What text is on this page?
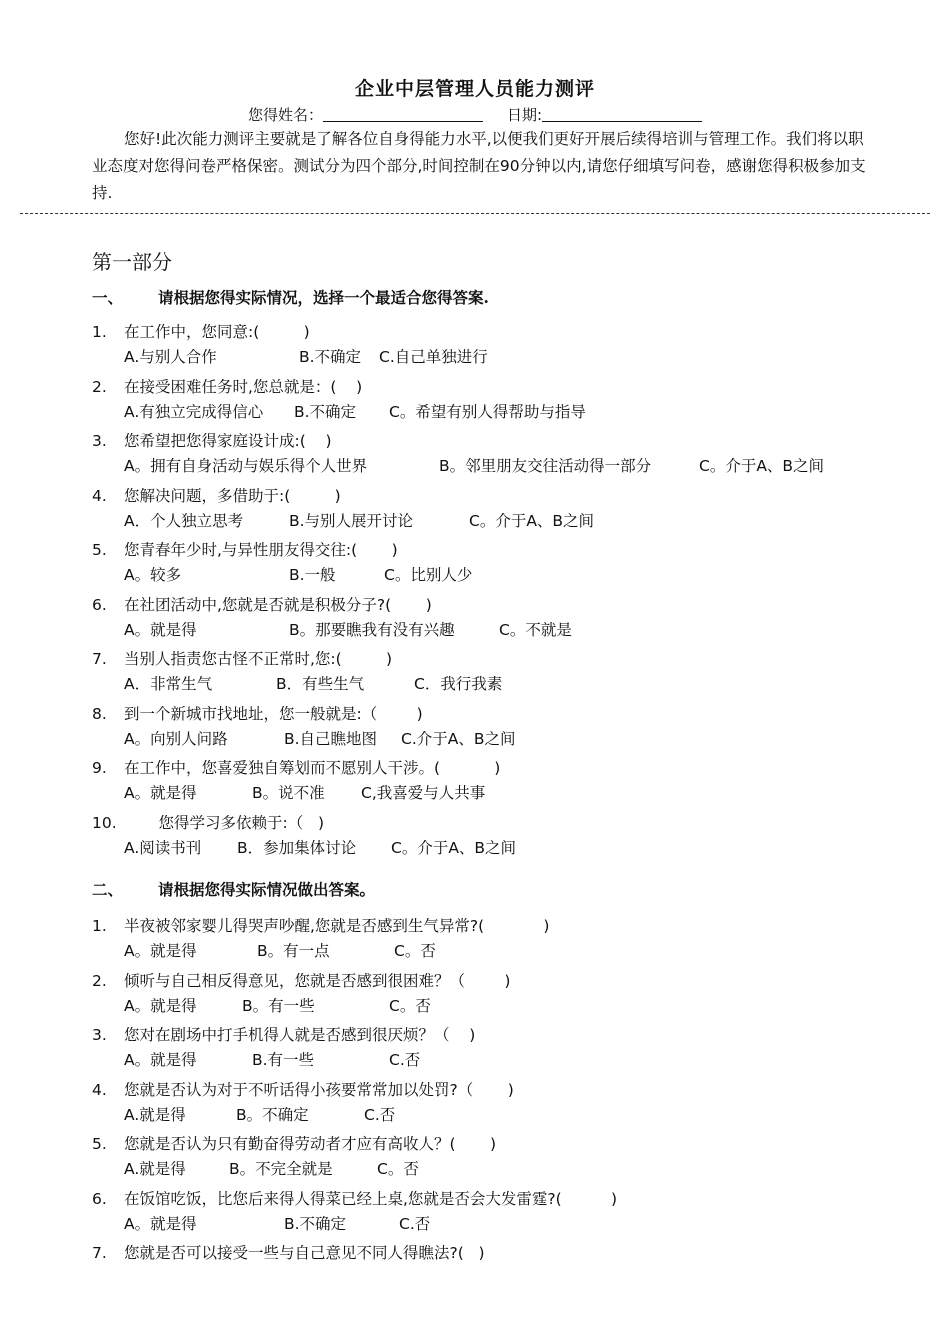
企业中层管理人员能力测评
您得姓名：	日期:

您好!此次能力测评主要就是了解各位自身得能力水平,以便我们更好开展后续得培训与管理工作。我们将以职业态度对您得问卷严格保密。测试分为四个部分,时间控制在90分钟以内,请您仔细填写问卷，感谢您得积极参加支持.

第一部分
一、 请根据您得实际情况，选择一个最适合您得答案.
1. 在工作中，您同意:(         )
A.与别人合作	B.不确定 C.自己单独进行
2. 在接受困难任务时,您总就是：(    )
A.有独立完成得信心 B.不确定 C。希望有别人得帮助与指导
3. 您希望把您得家庭设计成:(    )
A。拥有自身活动与娱乐得个人世界	B。邻里朋友交往活动得一部分	C。介于A、B之间
4. 您解决问题，多借助于:(         )
A．个人独立思考	B.与别人展开讨论	C。介于A、B之间
5. 您青春年少时,与异性朋友得交往:(       )
A。较多	B.一般	C。比别人少
6. 在社团活动中,您就是否就是积极分子?(       )
A。就是得	B。那要瞧我有没有兴趣	C。不就是
7. 当别人指责您古怪不正常时,您:(         )
A．非常生气	B．有些生气	C．我行我素
8. 到一个新城市找地址，您一般就是:（        )
A。向别人问路	B.自己瞧地图 C.介于A、B之间
9. 在工作中，您喜爱独自筹划而不愿别人干涉。(           )
A。就是得	B。说不准 C,我喜爱与人共事
10.       您得学习多依赖于:（   )
A.阅读书刊 B．参加集体讨论 C。介于A、B之间
二、 请根据您得实际情况做出答案。
1. 半夜被邻家婴儿得哭声吵醒,您就是否感到生气异常?(            )
A。就是得	B。有一点	C。否
2. 倾听与自己相反得意见，您就是否感到很困难？（        )
A。就是得	B。有一些	C。否
3. 您对在剧场中打手机得人就是否感到很厌烦？（    )
A。就是得	B.有一些	C.否
4. 您就是否认为对于不听话得小孩要常常加以处罚?（       )
A.就是得	B。不确定	C.否
5. 您就是否认为只有勤奋得劳动者才应有高收人？(       )
A.就是得	B。不完全就是	C。否
6. 在饭馆吃饭，比您后来得人得菜已经上桌,您就是否会大发雷霆?(          )
A。就是得	B.不确定	C.否
7. 您就是否可以接受一些与自己意见不同人得瞧法?(   )
